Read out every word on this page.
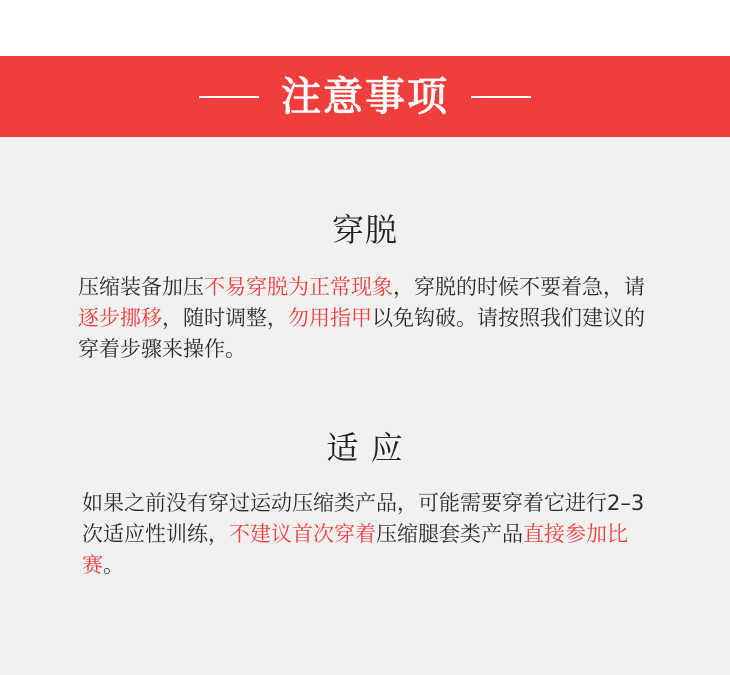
注意事项
穿脱
压缩装备加压不易穿脱为正常现象，穿脱的时候不要着急，请逐步挪移，随时调整，勿用指甲以免钩破。请按照我们建议的穿着步骤来操作。
适 应
如果之前没有穿过运动压缩类产品，可能需要穿着它进行2–3次适应性训练，不建议首次穿着压缩腿套类产品直接参加比赛。
